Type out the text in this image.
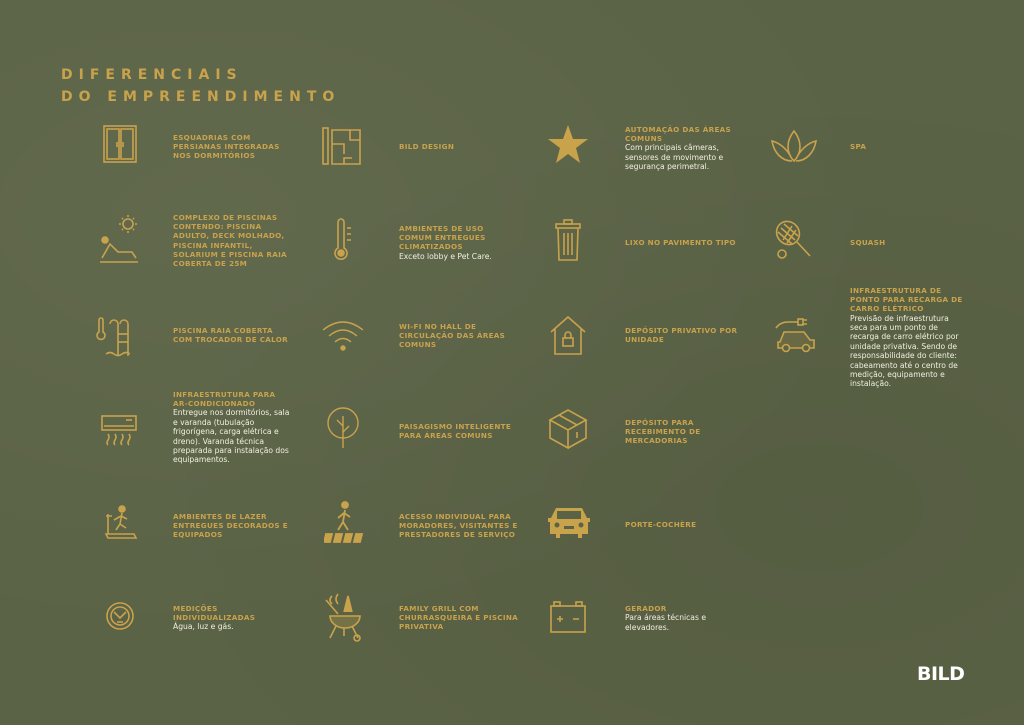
DIFERENCIAIS
DO EMPREENDIMENTO
ESQUADRIAS COM PERSIANAS INTEGRADAS NOS DORMITÓRIOS
BILD DESIGN
AUTOMAÇÃO DAS ÁREAS COMUNS
Com principais câmeras, sensores de movimento e segurança perimetral.
SPA
COMPLEXO DE PISCINAS CONTENDO: PISCINA ADULTO, DECK MOLHADO, PISCINA INFANTIL, SOLARIUM E PISCINA RAIA COBERTA DE 25M
AMBIENTES DE USO COMUM ENTREGUES CLIMATIZADOS
Exceto lobby e Pet Care.
LIXO NO PAVIMENTO TIPO	SQUASH
PISCINA RAIA COBERTA COM TROCADOR DE CALOR
WI-FI NO HALL DE CIRCULAÇÃO DAS ÁREAS COMUNS
DEPÓSITO PRIVATIVO POR UNIDADE
INFRAESTRUTURA DE PONTO PARA RECARGA DE CARRO ELÉTRICO
Previsão de infraestrutura seca para um ponto de recarga de carro elétrico por unidade privativa. Sendo de responsabilidade do cliente: cabeamento até o centro de medição, equipamento e instalação.
INFRAESTRUTURA PARA AR-CONDICIONADO
Entregue nos dormitórios, sala e varanda (tubulação frigorígena, carga elétrica e dreno). Varanda técnica preparada para instalação dos equipamentos.
PAISAGISMO INTELIGENTE PARA ÁREAS COMUNS
DEPÓSITO PARA RECEBIMENTO DE MERCADORIAS
AMBIENTES DE LAZER ENTREGUES DECORADOS E EQUIPADOS
ACESSO INDIVIDUAL PARA MORADORES, VISITANTES E PRESTADORES DE SERVIÇO
PORTE-COCHÈRE
MEDIÇÕES INDIVIDUALIZADAS
Água, luz e gás.
FAMILY GRILL COM CHURRASQUEIRA E PISCINA PRIVATIVA
GERADOR
Para áreas técnicas e elevadores.
BILD
